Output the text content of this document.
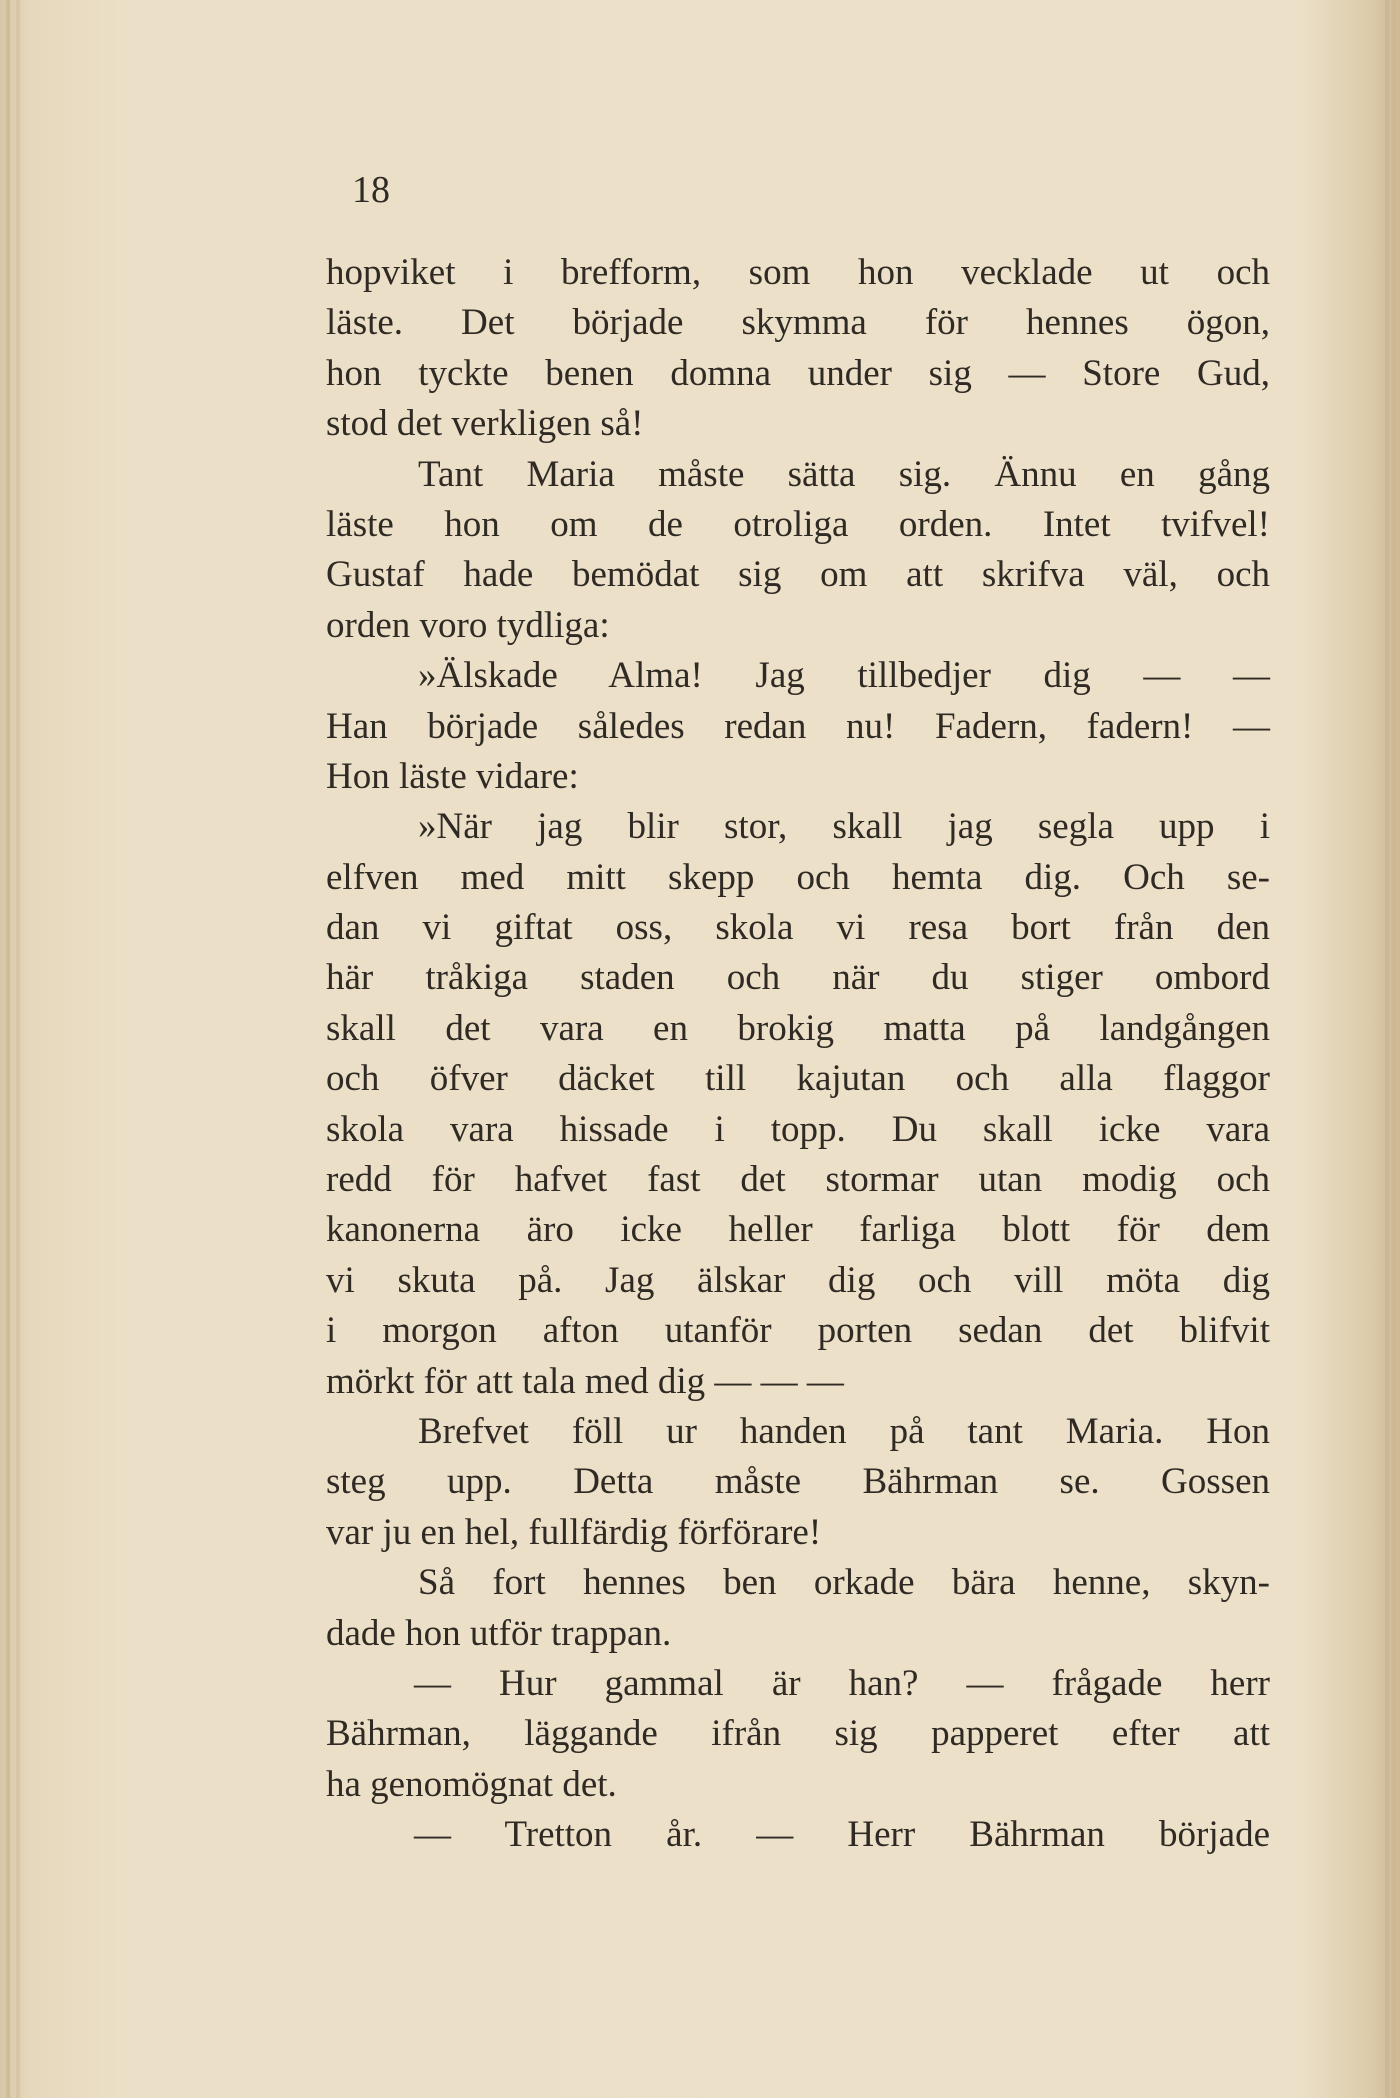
18
hopviket i brefform, som hon vecklade ut och
läste. Det började skymma för hennes ögon,
hon tyckte benen domna under sig — Store Gud,
stod det verkligen så!
Tant Maria måste sätta sig. Ännu en gång
läste hon om de otroliga orden. Intet tvifvel!
Gustaf hade bemödat sig om att skrifva väl, och
orden voro tydliga:
»Älskade Alma! Jag tillbedjer dig — —
Han började således redan nu! Fadern, fadern! —
Hon läste vidare:
»När jag blir stor, skall jag segla upp i
elfven med mitt skepp och hemta dig. Och se-
dan vi giftat oss, skola vi resa bort från den
här tråkiga staden och när du stiger ombord
skall det vara en brokig matta på landgången
och öfver däcket till kajutan och alla flaggor
skola vara hissade i topp. Du skall icke vara
redd för hafvet fast det stormar utan modig och
kanonerna äro icke heller farliga blott för dem
vi skuta på. Jag älskar dig och vill möta dig
i morgon afton utanför porten sedan det blifvit
mörkt för att tala med dig — — —
Brefvet föll ur handen på tant Maria. Hon
steg upp. Detta måste Bährman se. Gossen
var ju en hel, fullfärdig förförare!
Så fort hennes ben orkade bära henne, skyn-
dade hon utför trappan.
— Hur gammal är han? — frågade herr
Bährman, läggande ifrån sig papperet efter att
ha genomögnat det.
— Tretton år. — Herr Bährman började
